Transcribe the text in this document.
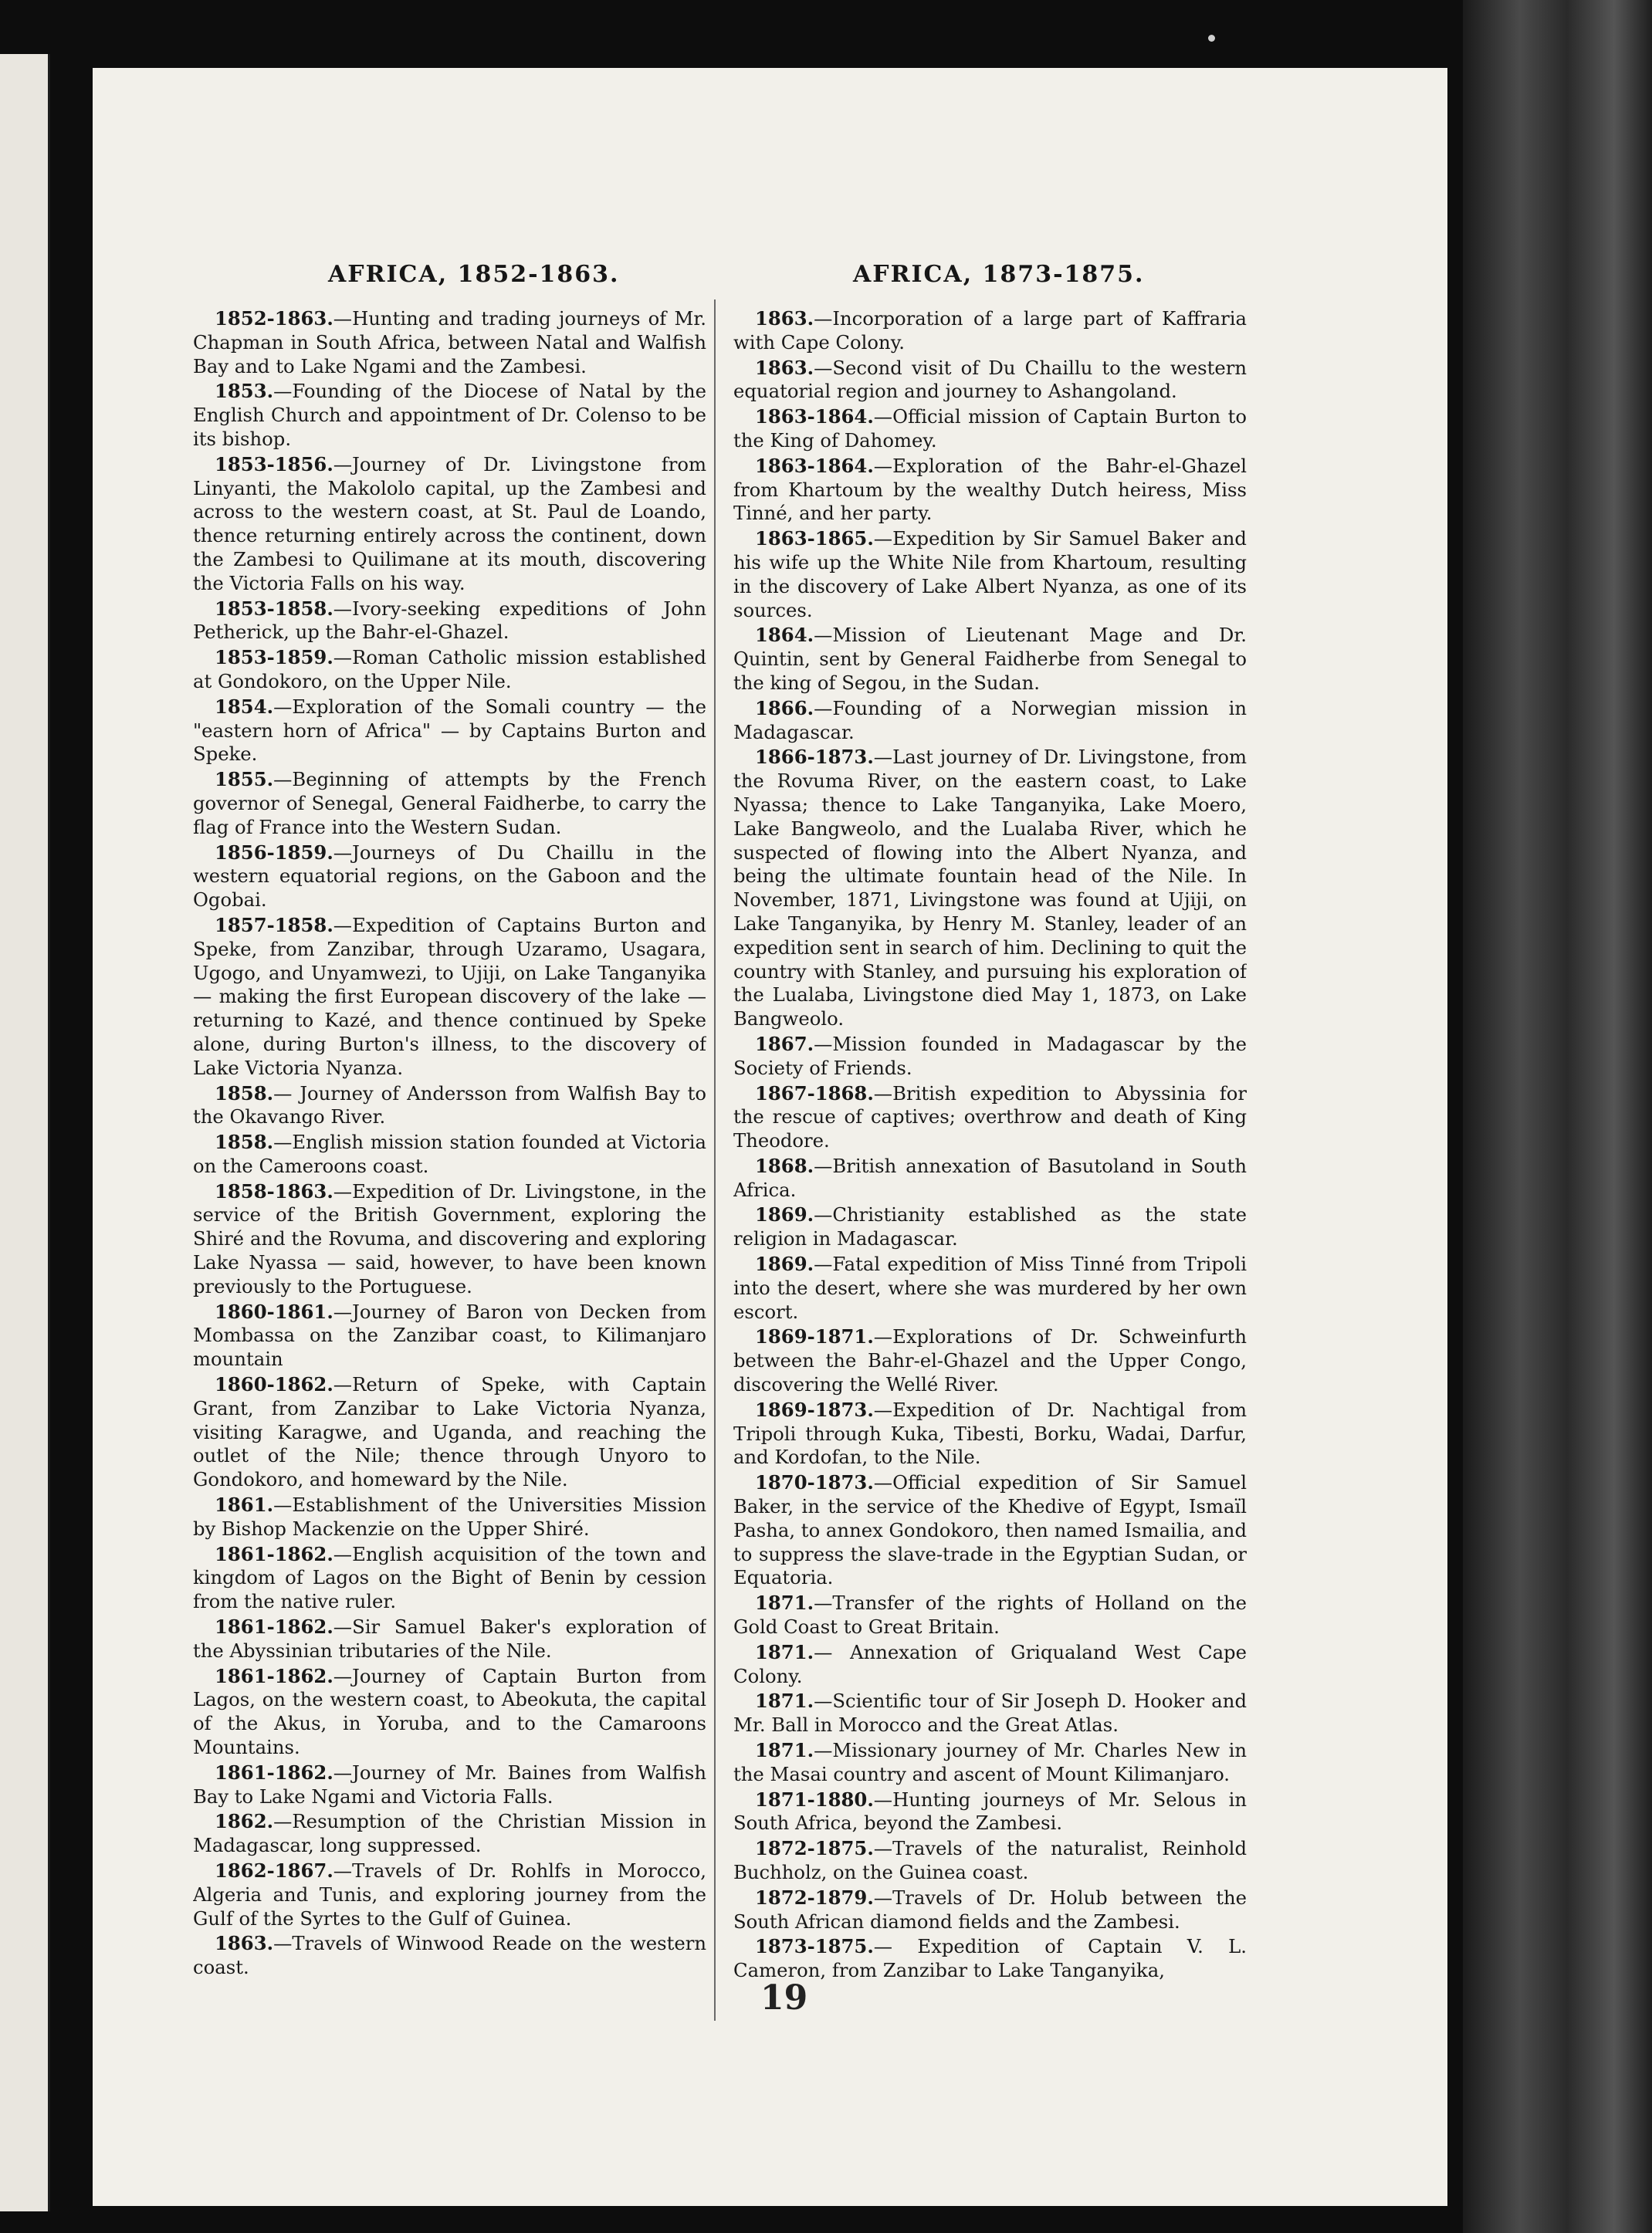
AFRICA, 1852-1863.	AFRICA, 1873-1875.

1852-1863.—Hunting and trading journeys of Mr. Chapman in South Africa, between Natal and Walfish Bay and to Lake Ngami and the Zambesi.

1853.—Founding of the Diocese of Natal by the English Church and appointment of Dr. Colenso to be its bishop.

1853-1856.—Journey of Dr. Livingstone from Linyanti, the Makololo capital, up the Zambesi and across to the western coast, at St. Paul de Loando, thence returning entirely across the continent, down the Zambesi to Quilimane at its mouth, discovering the Victoria Falls on his way.

1853-1858.—Ivory-seeking expeditions of John Petherick, up the Bahr-el-Ghazel.

1853-1859.—Roman Catholic mission established at Gondokoro, on the Upper Nile.

1854.—Exploration of the Somali country — the "eastern horn of Africa" — by Captains Burton and Speke.

1855.—Beginning of attempts by the French governor of Senegal, General Faidherbe, to carry the flag of France into the Western Sudan.

1856-1859.—Journeys of Du Chaillu in the western equatorial regions, on the Gaboon and the Ogobai.

1857-1858.—Expedition of Captains Burton and Speke, from Zanzibar, through Uzaramo, Usagara, Ugogo, and Unyamwezi, to Ujiji, on Lake Tanganyika — making the first European discovery of the lake — returning to Kazé, and thence continued by Speke alone, during Burton's illness, to the discovery of Lake Victoria Nyanza.

1858.— Journey of Andersson from Walfish Bay to the Okavango River.

1858.—English mission station founded at Victoria on the Cameroons coast.

1858-1863.—Expedition of Dr. Livingstone, in the service of the British Government, exploring the Shiré and the Rovuma, and discovering and exploring Lake Nyassa — said, however, to have been known previously to the Portuguese.

1860-1861.—Journey of Baron von Decken from Mombassa on the Zanzibar coast, to Kilimanjaro mountain

1860-1862.—Return of Speke, with Captain Grant, from Zanzibar to Lake Victoria Nyanza, visiting Karagwe, and Uganda, and reaching the outlet of the Nile; thence through Unyoro to Gondokoro, and homeward by the Nile.

1861.—Establishment of the Universities Mission by Bishop Mackenzie on the Upper Shiré.

1861-1862.—English acquisition of the town and kingdom of Lagos on the Bight of Benin by cession from the native ruler.

1861-1862.—Sir Samuel Baker's exploration of the Abyssinian tributaries of the Nile.

1861-1862.—Journey of Captain Burton from Lagos, on the western coast, to Abeokuta, the capital of the Akus, in Yoruba, and to the Camaroons Mountains.

1861-1862.—Journey of Mr. Baines from Walfish Bay to Lake Ngami and Victoria Falls.

1862.—Resumption of the Christian Mission in Madagascar, long suppressed.

1862-1867.—Travels of Dr. Rohlfs in Morocco, Algeria and Tunis, and exploring journey from the Gulf of the Syrtes to the Gulf of Guinea.

1863.—Travels of Winwood Reade on the western coast.

1863.—Incorporation of a large part of Kaffraria with Cape Colony.

1863.—Second visit of Du Chaillu to the western equatorial region and journey to Ashangoland.

1863-1864.—Official mission of Captain Burton to the King of Dahomey.

1863-1864.—Exploration of the Bahr-el-Ghazel from Khartoum by the wealthy Dutch heiress, Miss Tinné, and her party.

1863-1865.—Expedition by Sir Samuel Baker and his wife up the White Nile from Khartoum, resulting in the discovery of Lake Albert Nyanza, as one of its sources.

1864.—Mission of Lieutenant Mage and Dr. Quintin, sent by General Faidherbe from Senegal to the king of Segou, in the Sudan.

1866.—Founding of a Norwegian mission in Madagascar.

1866-1873.—Last journey of Dr. Livingstone, from the Rovuma River, on the eastern coast, to Lake Nyassa; thence to Lake Tanganyika, Lake Moero, Lake Bangweolo, and the Lualaba River, which he suspected of flowing into the Albert Nyanza, and being the ultimate fountain head of the Nile. In November, 1871, Livingstone was found at Ujiji, on Lake Tanganyika, by Henry M. Stanley, leader of an expedition sent in search of him. Declining to quit the country with Stanley, and pursuing his exploration of the Lualaba, Livingstone died May 1, 1873, on Lake Bangweolo.

1867.—Mission founded in Madagascar by the Society of Friends.

1867-1868.—British expedition to Abyssinia for the rescue of captives; overthrow and death of King Theodore.

1868.—British annexation of Basutoland in South Africa.

1869.—Christianity established as the state religion in Madagascar.

1869.—Fatal expedition of Miss Tinné from Tripoli into the desert, where she was murdered by her own escort.

1869-1871.—Explorations of Dr. Schweinfurth between the Bahr-el-Ghazel and the Upper Congo, discovering the Wellé River.

1869-1873.—Expedition of Dr. Nachtigal from Tripoli through Kuka, Tibesti, Borku, Wadai, Darfur, and Kordofan, to the Nile.

1870-1873.—Official expedition of Sir Samuel Baker, in the service of the Khedive of Egypt, Ismaïl Pasha, to annex Gondokoro, then named Ismailia, and to suppress the slave-trade in the Egyptian Sudan, or Equatoria.

1871.—Transfer of the rights of Holland on the Gold Coast to Great Britain.

1871.— Annexation of Griqualand West Cape Colony.

1871.—Scientific tour of Sir Joseph D. Hooker and Mr. Ball in Morocco and the Great Atlas.

1871.—Missionary journey of Mr. Charles New in the Masai country and ascent of Mount Kilimanjaro.

1871-1880.—Hunting journeys of Mr. Selous in South Africa, beyond the Zambesi.

1872-1875.—Travels of the naturalist, Reinhold Buchholz, on the Guinea coast.

1872-1879.—Travels of Dr. Holub between the South African diamond fields and the Zambesi.

1873-1875.— Expedition of Captain V. L. Cameron, from Zanzibar to Lake Tanganyika,

19
